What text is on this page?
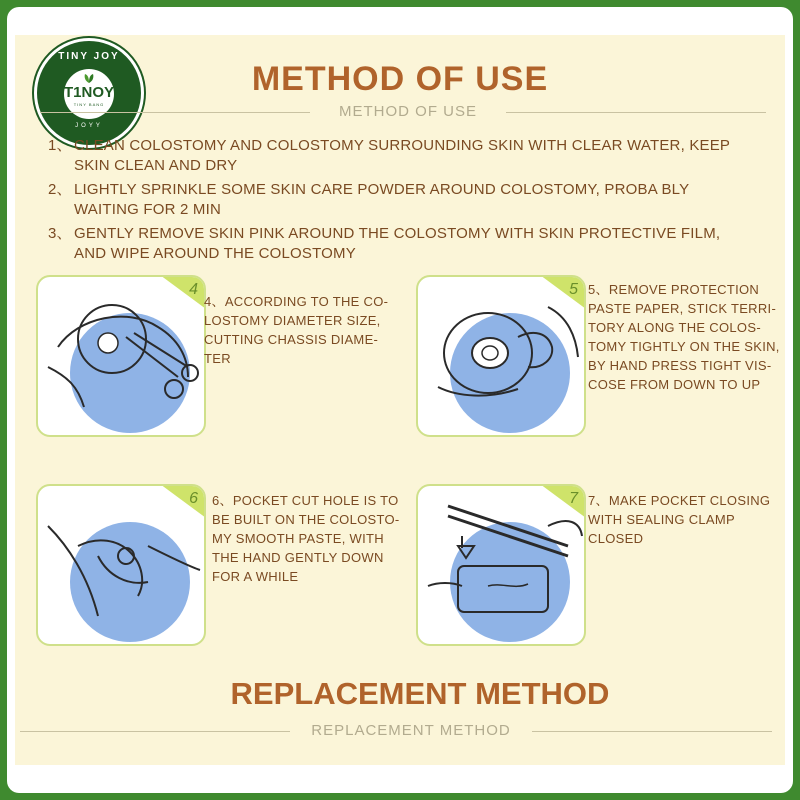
TINY JOY
T1NOY
TINY BANG
JOYY
METHOD OF USE
METHOD OF USE
1、 CLEAN COLOSTOMY AND COLOSTOMY SURROUNDING SKIN WITH CLEAR WATER, KEEP SKIN CLEAN AND DRY
2、 LIGHTLY SPRINKLE SOME SKIN CARE POWDER AROUND COLOSTOMY, PROBA BLY WAITING FOR 2 MIN
3、 GENTLY REMOVE SKIN PINK AROUND THE COLOSTOMY WITH SKIN PROTECTIVE FILM, AND WIPE AROUND THE COLOSTOMY
4
4、ACCORDING TO THE CO-
LOSTOMY DIAMETER SIZE,
CUTTING CHASSIS DIAME-
TER
5 5、REMOVE PROTECTION
PASTE PAPER, STICK TERRI-
TORY ALONG THE COLOS-
TOMY TIGHTLY ON THE SKIN,
BY HAND PRESS TIGHT VIS-
COSE FROM DOWN TO UP
6 6、POCKET CUT HOLE IS TO
BE BUILT ON THE COLOSTO-
MY SMOOTH PASTE, WITH
THE HAND GENTLY DOWN
FOR A WHILE
7 7、MAKE POCKET CLOSING
WITH SEALING CLAMP
CLOSED
REPLACEMENT METHOD
REPLACEMENT METHOD
